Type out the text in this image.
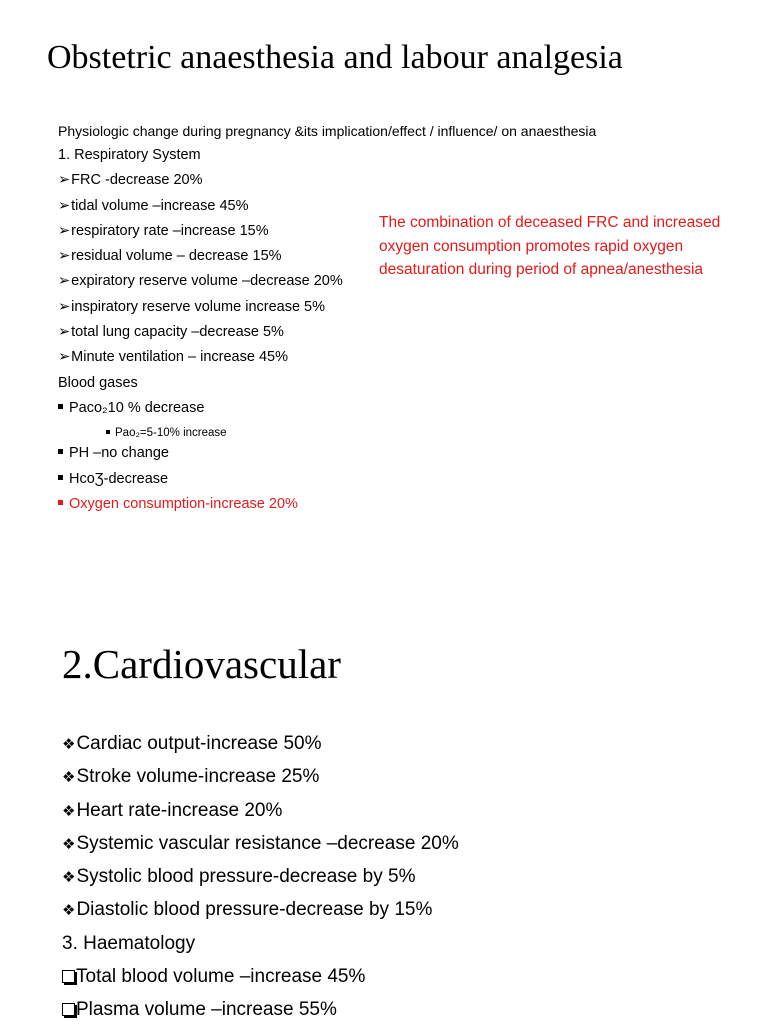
Obstetric anaesthesia and labour analgesia
Physiologic change during pregnancy &its implication/effect / influence/ on anaesthesia
1. Respiratory System
➢FRC -decrease 20%
➢tidal volume –increase 45%
➢respiratory rate –increase 15%
➢residual volume – decrease 15%
➢expiratory reserve volume –decrease 20%
➢inspiratory reserve volume increase 5%
➢total lung capacity –decrease 5%
➢Minute ventilation – increase 45%
Blood gases
Paco₂10 % decrease
Pao₂=5-10% increase
PH –no change
HcoƷ-decrease
Oxygen consumption-increase 20%
The combination of deceased FRC and increased oxygen consumption promotes rapid oxygen desaturation during period of apnea/anesthesia
2.Cardiovascular
❖Cardiac output-increase 50%
❖Stroke volume-increase 25%
❖Heart rate-increase 20%
❖Systemic vascular resistance –decrease 20%
❖Systolic blood pressure-decrease by 5%
❖Diastolic blood pressure-decrease by 15%
3. Haematology
Total blood volume –increase 45%
Plasma volume –increase 55%
